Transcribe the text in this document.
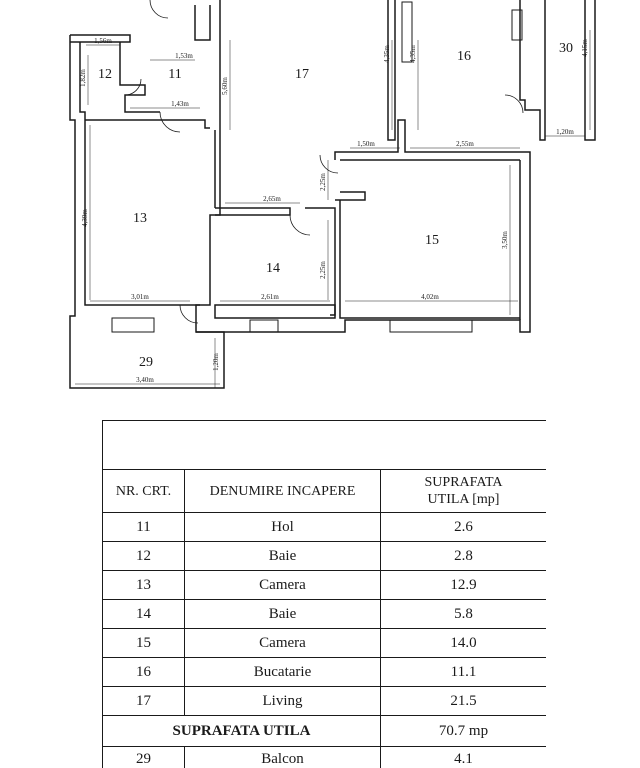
11
12
13
14
15
16
17
29
30
1,56m
1,53m
1,82m
1,43m
5,60m
4,35m	4,35m	4,15m
1,50m	2,55m
1,20m
2,65m
2,25m
4,39m
3,50m
2,25m
3,01m	2,61m	4,02m
1,20m
3,40m

NR. CRT.	DENUMIRE INCAPERE	SUPRAFATA
UTILA [mp]

11	Hol	2.6
12	Baie	2.8
13	Camera	12.9
14	Baie	5.8
15	Camera	14.0
16	Bucatarie	11.1
17	Living	21.5
SUPRAFATA UTILA		70.7 mp
29	Balcon	4.1
